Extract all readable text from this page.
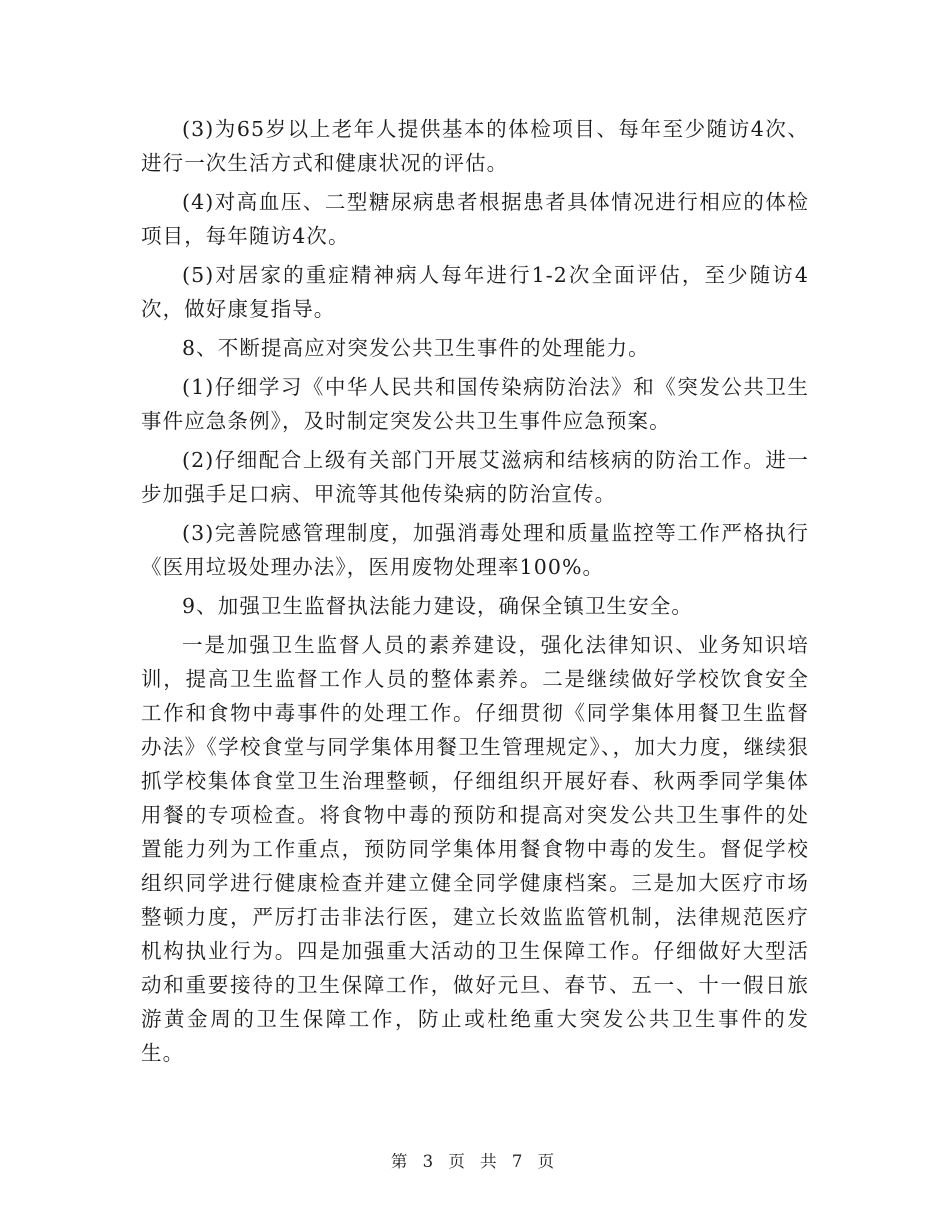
(3)为65岁以上老年人提供基本的体检项目、每年至少随访4次、进行一次生活方式和健康状况的评估。

(4)对高血压、二型糖尿病患者根据患者具体情况进行相应的体检项目，每年随访4次。

(5)对居家的重症精神病人每年进行1-2次全面评估，至少随访4次，做好康复指导。

8、不断提高应对突发公共卫生事件的处理能力。

(1)仔细学习《中华人民共和国传染病防治法》和《突发公共卫生事件应急条例》，及时制定突发公共卫生事件应急预案。

(2)仔细配合上级有关部门开展艾滋病和结核病的防治工作。进一步加强手足口病、甲流等其他传染病的防治宣传。

(3)完善院感管理制度，加强消毒处理和质量监控等工作严格执行《医用垃圾处理办法》，医用废物处理率100%。

9、加强卫生监督执法能力建设，确保全镇卫生安全。

一是加强卫生监督人员的素养建设，强化法律知识、业务知识培训，提高卫生监督工作人员的整体素养。二是继续做好学校饮食安全工作和食物中毒事件的处理工作。仔细贯彻《同学集体用餐卫生监督办法》《学校食堂与同学集体用餐卫生管理规定》、，加大力度，继续狠抓学校集体食堂卫生治理整顿，仔细组织开展好春、秋两季同学集体用餐的专项检查。将食物中毒的预防和提高对突发公共卫生事件的处置能力列为工作重点，预防同学集体用餐食物中毒的发生。督促学校组织同学进行健康检查并建立健全同学健康档案。三是加大医疗市场整顿力度，严厉打击非法行医，建立长效监监管机制，法律规范医疗机构执业行为。四是加强重大活动的卫生保障工作。仔细做好大型活动和重要接待的卫生保障工作，做好元旦、春节、五一、十一假日旅游黄金周的卫生保障工作，防止或杜绝重大突发公共卫生事件的发生。

第 3 页 共 7 页
